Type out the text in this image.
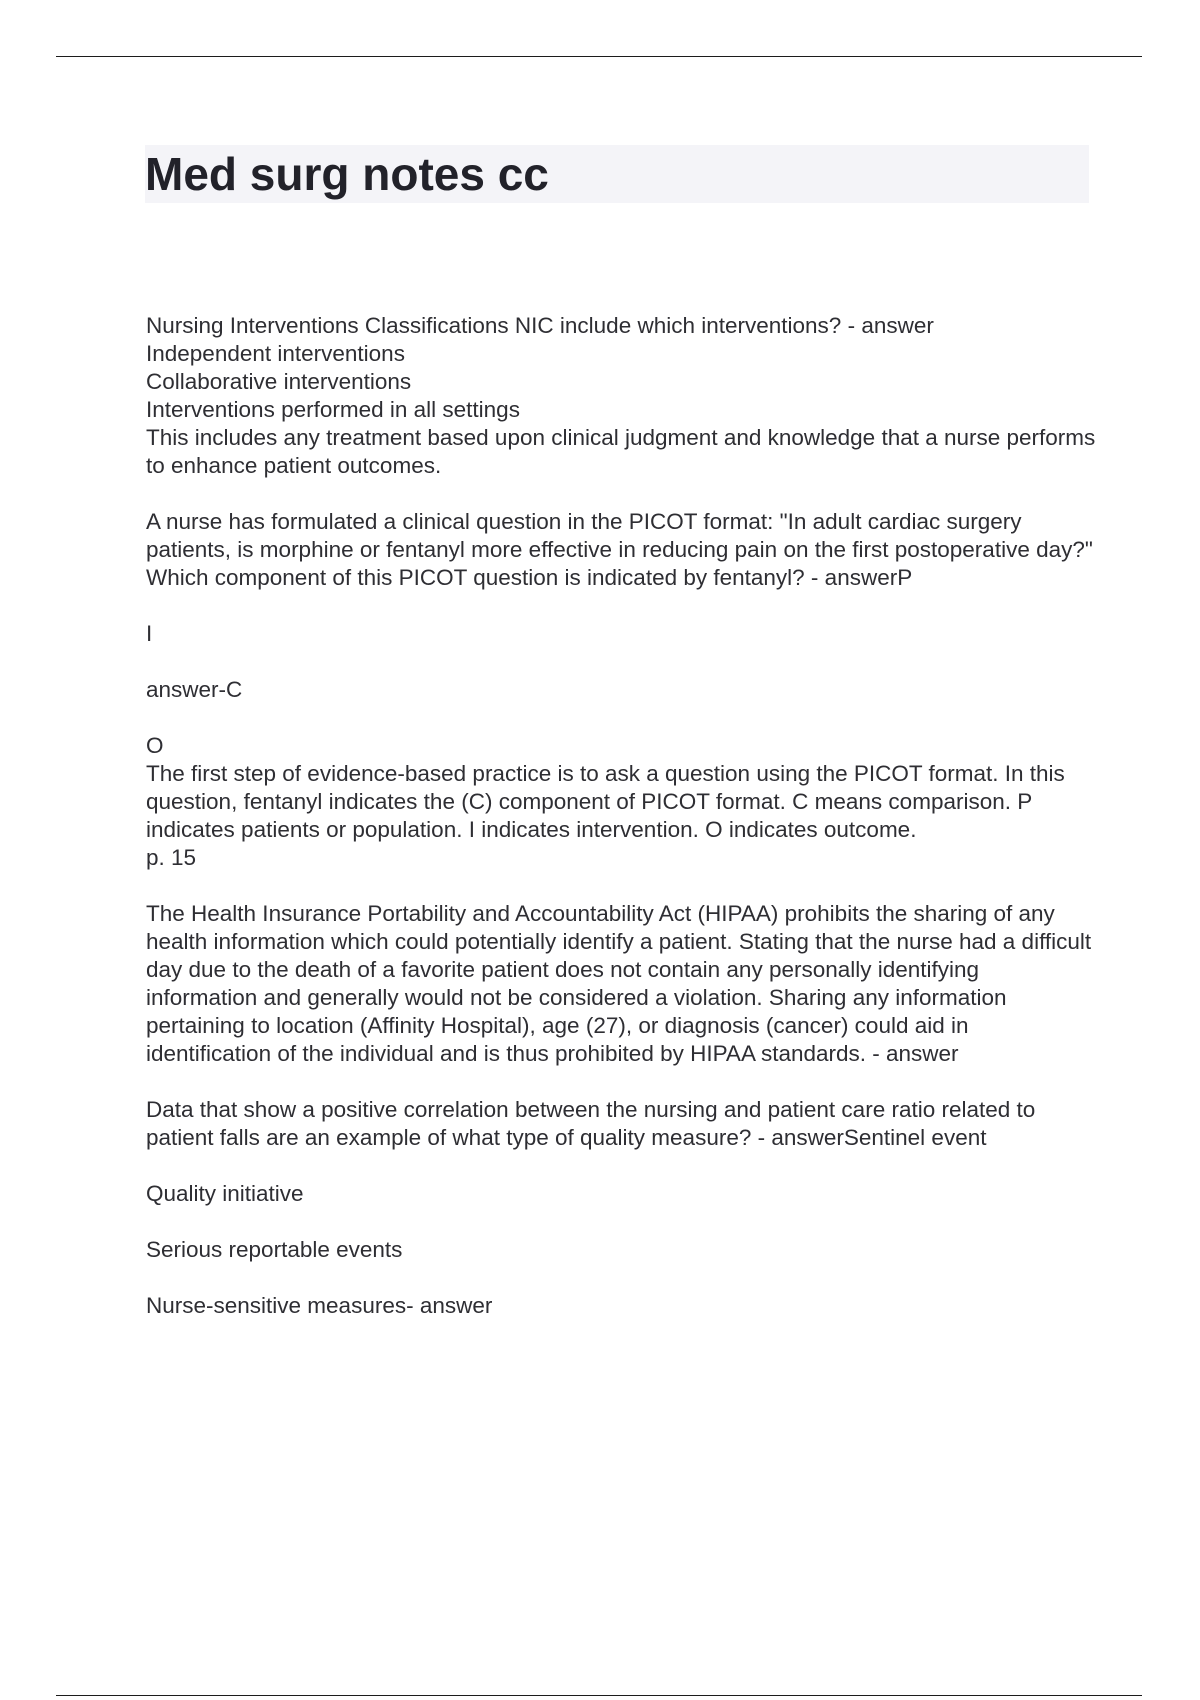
Med surg notes cc

Nursing Interventions Classifications NIC include which interventions? - answer
Independent interventions
Collaborative interventions
Interventions performed in all settings
This includes any treatment based upon clinical judgment and knowledge that a nurse performs to enhance patient outcomes.

A nurse has formulated a clinical question in the PICOT format: "In adult cardiac surgery patients, is morphine or fentanyl more effective in reducing pain on the first postoperative day?" Which component of this PICOT question is indicated by fentanyl? - answerP

I

answer-C

O
The first step of evidence-based practice is to ask a question using the PICOT format. In this question, fentanyl indicates the (C) component of PICOT format. C means comparison. P indicates patients or population. I indicates intervention. O indicates outcome.
p. 15

The Health Insurance Portability and Accountability Act (HIPAA) prohibits the sharing of any health information which could potentially identify a patient. Stating that the nurse had a difficult day due to the death of a favorite patient does not contain any personally identifying information and generally would not be considered a violation. Sharing any information pertaining to location (Affinity Hospital), age (27), or diagnosis (cancer) could aid in identification of the individual and is thus prohibited by HIPAA standards. - answer

Data that show a positive correlation between the nursing and patient care ratio related to patient falls are an example of what type of quality measure? - answerSentinel event

Quality initiative

Serious reportable events

Nurse-sensitive measures- answer
